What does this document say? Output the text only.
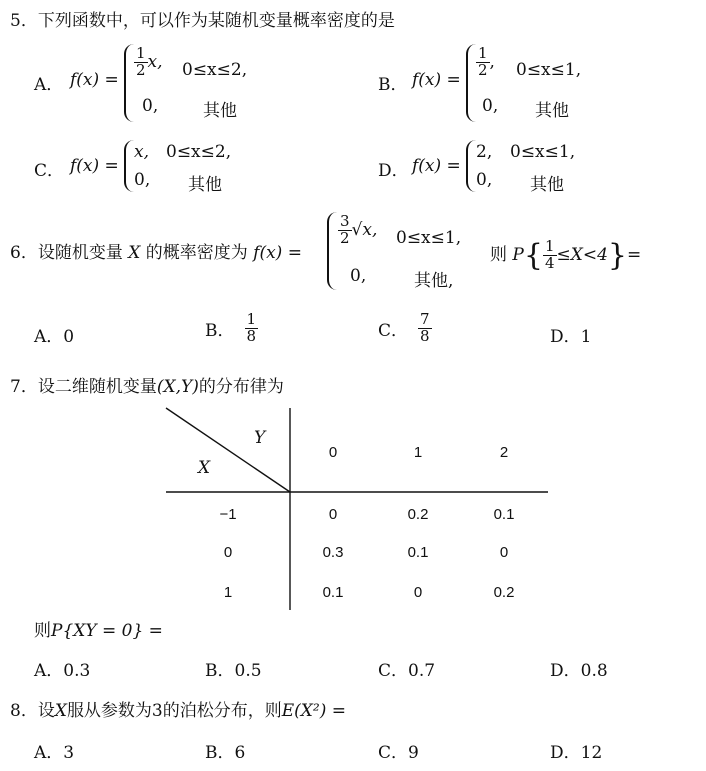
5．下列函数中，可以作为某随机变量概率密度的是
A． f(x) =
$\frac{1}{2} x$, 0≤x≤2,
0,	其他
B． f(x) =
$\frac{1}{2}$ , 0≤x≤1,
0, 其他
C． f(x) =
x, 0≤x≤2,
0, 其他
D． f(x) =
2, 0≤x≤1,
0, 其他
6．设随机变量 X 的概率密度为 f(x) =
$\frac{3}{2} √x$, 0≤x≤1,
0,	其他,
则 $P\{ \frac{1}{4} \le X<4\}=$
A．0	B． $\frac{1}{8}$	C． $\frac{7}{8}$	D．1
7．设二维随机变量(X,Y)的分布律为
Y
X
0	1	2
−1	0	0.2	0.1
0	0.3	0.1	0
1	0.1	0	0.2
则P{XY = 0} =
A．0.3	B．0.5	C．0.7	D．0.8
8．设X服从参数为3的泊松分布，则E(X²) =
A．3	B．6	C．9	D．12
